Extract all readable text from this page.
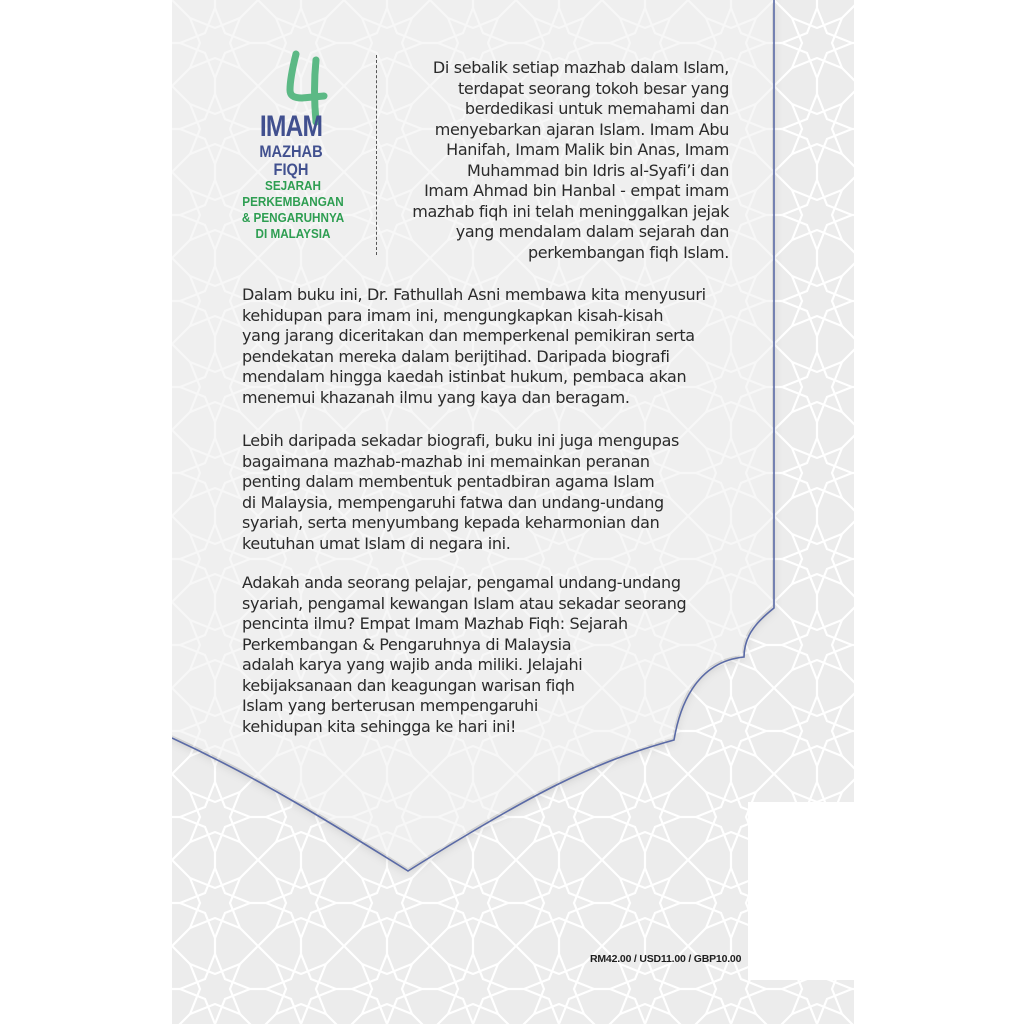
IMAM
MAZHAB FIQH
SEJARAH
PERKEMBANGAN
& PENGARUHNYA
DI MALAYSIA
Di sebalik setiap mazhab dalam Islam,
terdapat seorang tokoh besar yang
berdedikasi untuk memahami dan
menyebarkan ajaran Islam. Imam Abu
Hanifah, Imam Malik bin Anas, Imam
Muhammad bin Idris al-Syafi’i dan
Imam Ahmad bin Hanbal - empat imam
mazhab fiqh ini telah meninggalkan jejak
yang mendalam dalam sejarah dan
perkembangan fiqh Islam.
Dalam buku ini, Dr. Fathullah Asni membawa kita menyusuri
kehidupan para imam ini, mengungkapkan kisah-kisah
yang jarang diceritakan dan memperkenal pemikiran serta
pendekatan mereka dalam berijtihad. Daripada biografi
mendalam hingga kaedah istinbat hukum, pembaca akan
menemui khazanah ilmu yang kaya dan beragam.
Lebih daripada sekadar biografi, buku ini juga mengupas
bagaimana mazhab-mazhab ini memainkan peranan
penting dalam membentuk pentadbiran agama Islam
di Malaysia, mempengaruhi fatwa dan undang-undang
syariah, serta menyumbang kepada keharmonian dan
keutuhan umat Islam di negara ini.
Adakah anda seorang pelajar, pengamal undang-undang
syariah, pengamal kewangan Islam atau sekadar seorang
pencinta ilmu? Empat Imam Mazhab Fiqh: Sejarah
Perkembangan & Pengaruhnya di Malaysia
adalah karya yang wajib anda miliki. Jelajahi
kebijaksanaan dan keagungan warisan fiqh
Islam yang berterusan mempengaruhi
kehidupan kita sehingga ke hari ini!
RM42.00 / USD11.00 / GBP10.00
